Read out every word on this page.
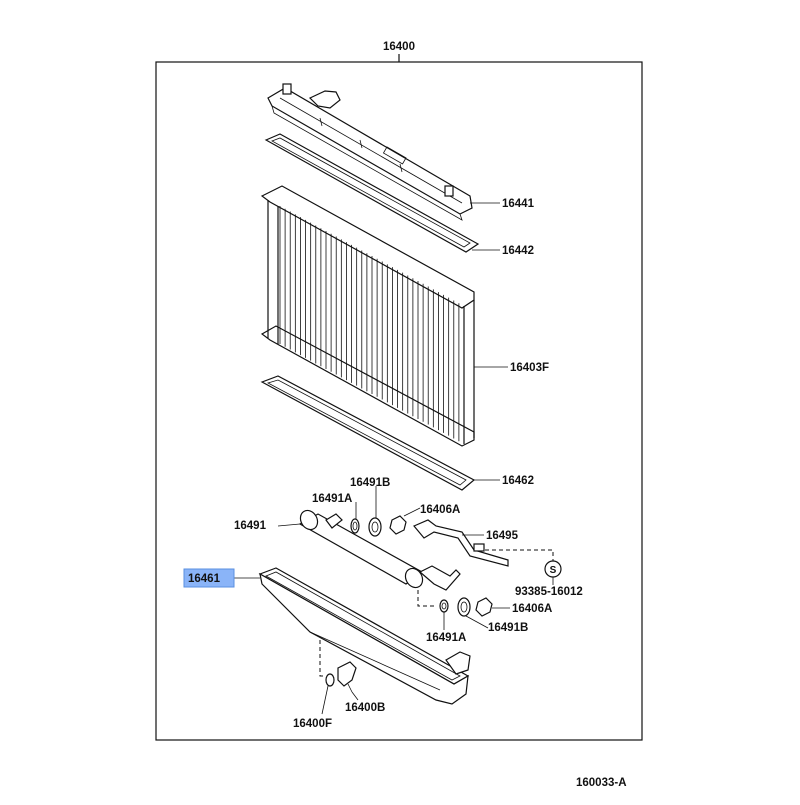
16400
S
16441
16442
16403F
16462
16491B
16491A
16406A
16491
16495
93385-16012
16461
16406A
16491A
16491B
16400B
16400F
160033-A
